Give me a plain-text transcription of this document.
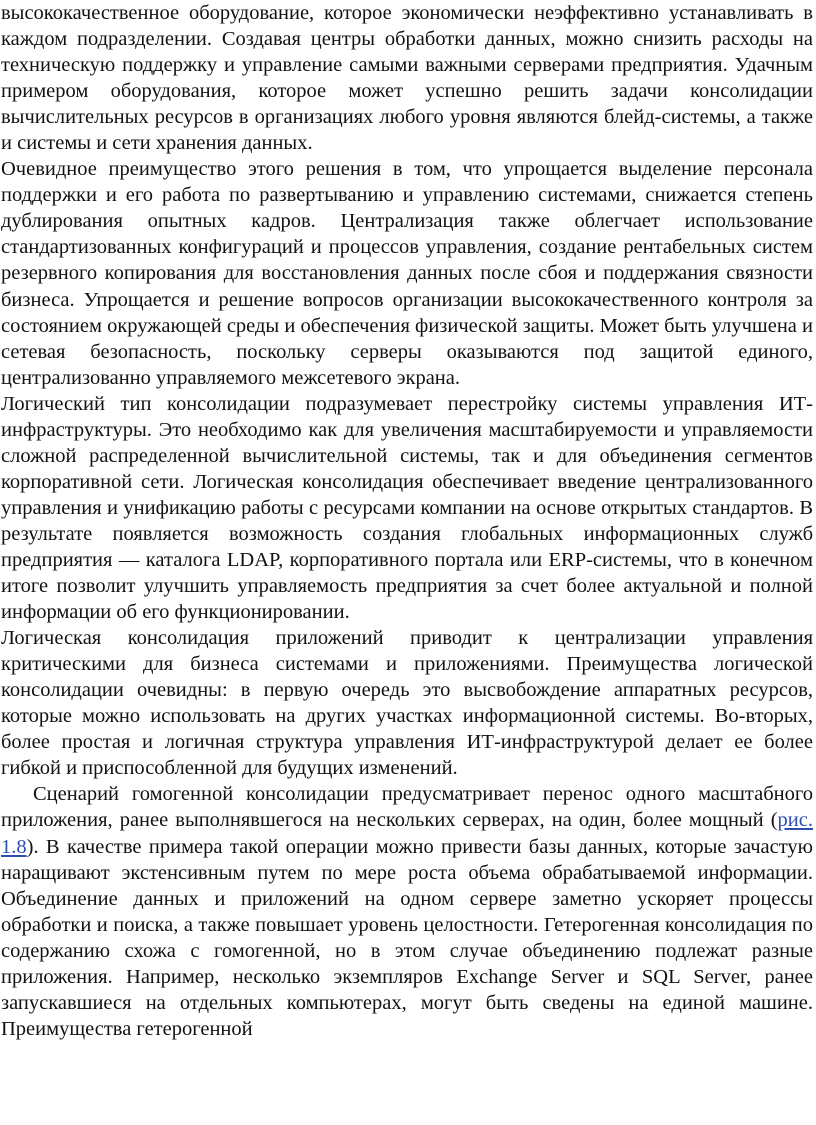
высококачественное оборудование, которое экономически неэффективно устанавливать в каждом подразделении. Создавая центры обработки данных, можно снизить расходы на техническую поддержку и управление самыми важными серверами предприятия. Удачным примером оборудования, которое может успешно решить задачи консолидации вычислительных ресурсов в организациях любого уровня являются блейд-системы, а также и системы и сети хранения данных.

Очевидное преимущество этого решения в том, что упрощается выделение персонала поддержки и его работа по развертыванию и управлению системами, снижается степень дублирования опытных кадров. Централизация также облегчает использование стандартизованных конфигураций и процессов управления, создание рентабельных систем резервного копирования для восстановления данных после сбоя и поддержания связности бизнеса. Упрощается и решение вопросов организации высококачественного контроля за состоянием окружающей среды и обеспечения физической защиты. Может быть улучшена и сетевая безопасность, поскольку серверы оказываются под защитой единого, централизованно управляемого межсетевого экрана.

Логический тип консолидации подразумевает перестройку системы управления ИТ-инфраструктуры. Это необходимо как для увеличения масштабируемости и управляемости сложной распределенной вычислительной системы, так и для объединения сегментов корпоративной сети. Логическая консолидация обеспечивает введение централизованного управления и унификацию работы с ресурсами компании на основе открытых стандартов. В результате появляется возможность создания глобальных информационных служб предприятия — каталога LDAP, корпоративного портала или ERP-системы, что в конечном итоге позволит улучшить управляемость предприятия за счет более актуальной и полной информации об его функционировании.

Логическая консолидация приложений приводит к централизации управления критическими для бизнеса системами и приложениями. Преимущества логической консолидации очевидны: в первую очередь это высвобождение аппаратных ресурсов, которые можно использовать на других участках информационной системы. Во-вторых, более простая и логичная структура управления ИТ-инфраструктурой делает ее более гибкой и приспособленной для будущих изменений.

Сценарий гомогенной консолидации предусматривает перенос одного масштабного приложения, ранее выполнявшегося на нескольких серверах, на один, более мощный (рис. 1.8). В качестве примера такой операции можно привести базы данных, которые зачастую наращивают экстенсивным путем по мере роста объема обрабатываемой информации. Объединение данных и приложений на одном сервере заметно ускоряет процессы обработки и поиска, а также повышает уровень целостности. Гетерогенная консолидация по содержанию схожа с гомогенной, но в этом случае объединению подлежат разные приложения. Например, несколько экземпляров Exchange Server и SQL Server, ранее запускавшиеся на отдельных компьютерах, могут быть сведены на единой машине. Преимущества гетерогенной
